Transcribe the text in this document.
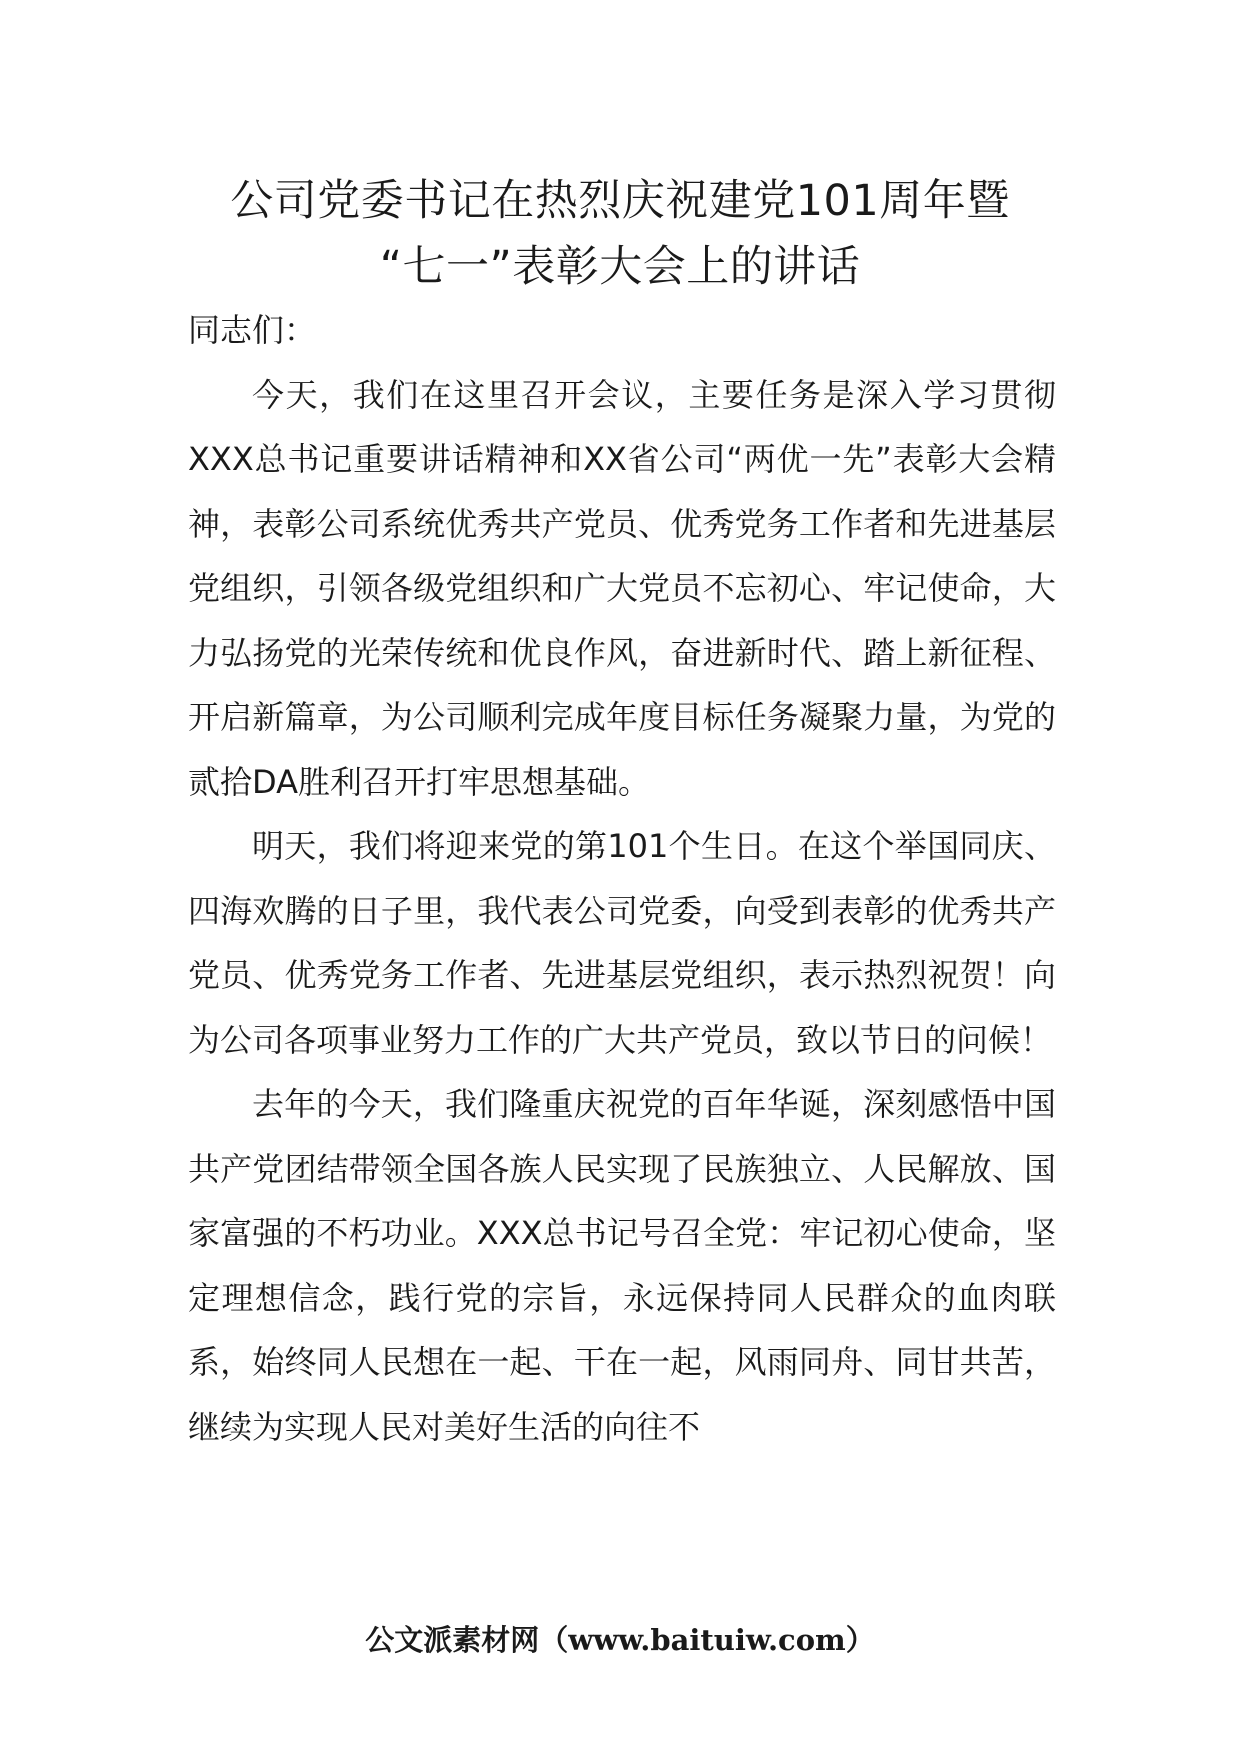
公司党委书记在热烈庆祝建党101周年暨
“七一”表彰大会上的讲话

同志们：

今天，我们在这里召开会议，主要任务是深入学习贯彻XXX总书记重要讲话精神和XX省公司“两优一先”表彰大会精神，表彰公司系统优秀共产党员、优秀党务工作者和先进基层党组织，引领各级党组织和广大党员不忘初心、牢记使命，大力弘扬党的光荣传统和优良作风，奋进新时代、踏上新征程、开启新篇章，为公司顺利完成年度目标任务凝聚力量，为党的贰拾DA胜利召开打牢思想基础。

明天，我们将迎来党的第101个生日。在这个举国同庆、四海欢腾的日子里，我代表公司党委，向受到表彰的优秀共产党员、优秀党务工作者、先进基层党组织，表示热烈祝贺！向为公司各项事业努力工作的广大共产党员，致以节日的问候！

去年的今天，我们隆重庆祝党的百年华诞，深刻感悟中国共产党团结带领全国各族人民实现了民族独立、人民解放、国家富强的不朽功业。XXX总书记号召全党：牢记初心使命，坚定理想信念，践行党的宗旨，永远保持同人民群众的血肉联系，始终同人民想在一起、干在一起，风雨同舟、同甘共苦，继续为实现人民对美好生活的向往不

公文派素材网（www.baituiw.com）
